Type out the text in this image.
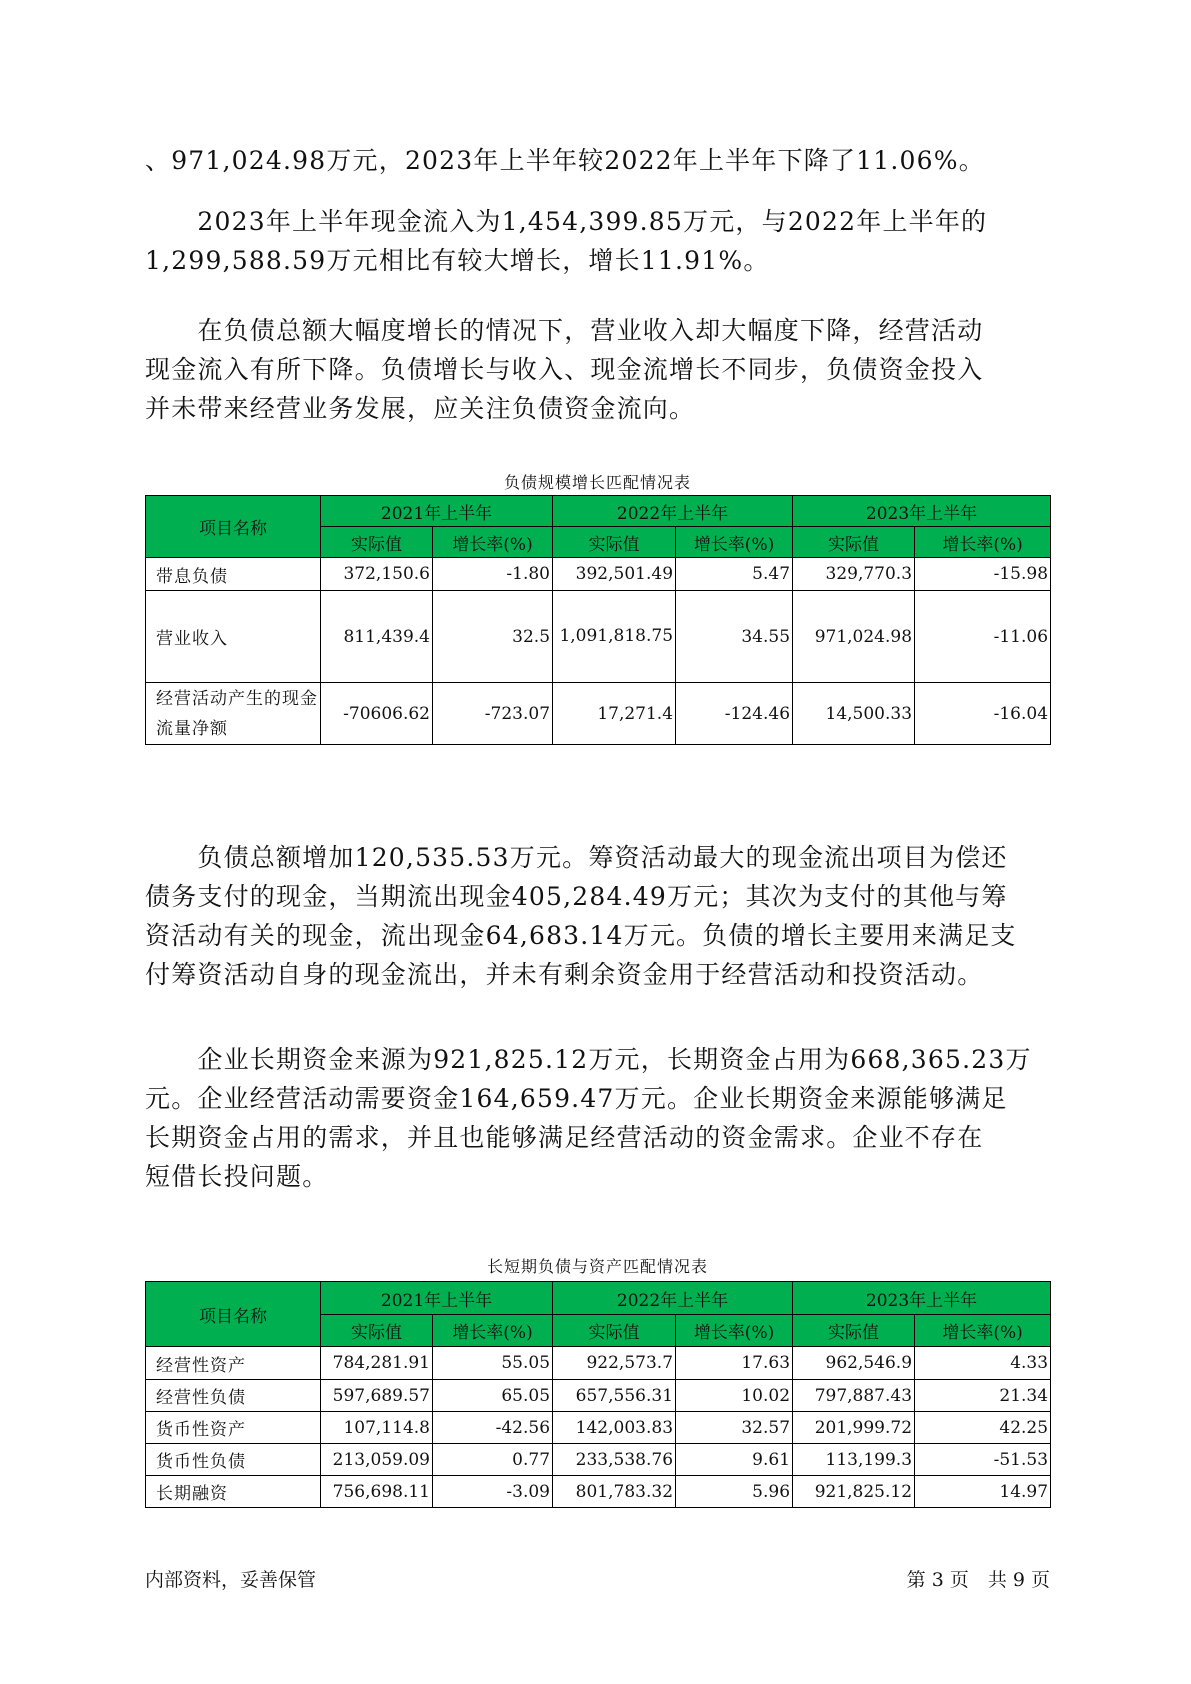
、971,024.98万元，2023年上半年较2022年上半年下降了11.06%。

　　2023年上半年现金流入为1,454,399.85万元，与2022年上半年的

1,299,588.59万元相比有较大增长，增长11.91%。

　　在负债总额大幅度增长的情况下，营业收入却大幅度下降，经营活动

现金流入有所下降。负债增长与收入、现金流增长不同步，负债资金投入

并未带来经营业务发展，应关注负债资金流向。

负债规模增长匹配情况表
项目名称	2021年上半年		2022年上半年		2023年上半年	
	实际值	增长率(%)	实际值	增长率(%)	实际值	增长率(%)
带息负债	372,150.6	-1.80	392,501.49	5.47	329,770.3	-15.98
营业收入	811,439.4	32.5	1,091,818.75	34.55	971,024.98	-11.06
经营活动产生的现金流量净额	-70606.62	-723.07	17,271.4	-124.46	14,500.33	-16.04

　　负债总额增加120,535.53万元。筹资活动最大的现金流出项目为偿还

债务支付的现金，当期流出现金405,284.49万元；其次为支付的其他与筹

资活动有关的现金，流出现金64,683.14万元。负债的增长主要用来满足支

付筹资活动自身的现金流出，并未有剩余资金用于经营活动和投资活动。

　　企业长期资金来源为921,825.12万元，长期资金占用为668,365.23万

元。企业经营活动需要资金164,659.47万元。企业长期资金来源能够满足

长期资金占用的需求，并且也能够满足经营活动的资金需求。企业不存在

短借长投问题。

长短期负债与资产匹配情况表
项目名称	2021年上半年		2022年上半年		2023年上半年	
	实际值	增长率(%)	实际值	增长率(%)	实际值	增长率(%)
经营性资产	784,281.91	55.05	922,573.7	17.63	962,546.9	4.33
经营性负债	597,689.57	65.05	657,556.31	10.02	797,887.43	21.34
货币性资产	107,114.8	-42.56	142,003.83	32.57	201,999.72	42.25
货币性负债	213,059.09	0.77	233,538.76	9.61	113,199.3	-51.53
长期融资	756,698.11	-3.09	801,783.32	5.96	921,825.12	14.97
内部资料，妥善保管	第 3 页　共 9 页
